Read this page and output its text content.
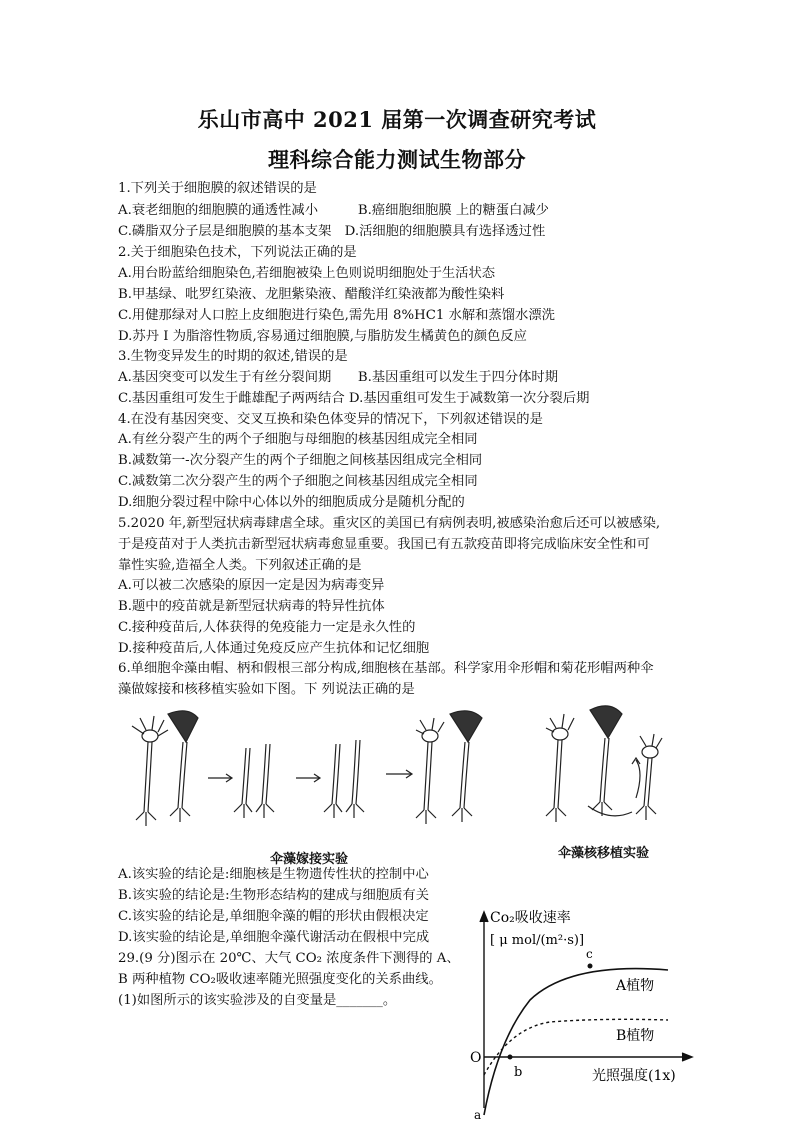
乐山市高中 2021 届第一次调查研究考试
理科综合能力测试生物部分
1.下列关于细胞膜的叙述错误的是
A.衰老细胞的细胞膜的通透性减小　　　B.癌细胞细胞膜 上的糖蛋白减少
C.磷脂双分子层是细胞膜的基本支架　D.活细胞的细胞膜具有选择透过性
2.关于细胞染色技术，下列说法正确的是
A.用台盼蓝给细胞染色,若细胞被染上色则说明细胞处于生活状态
B.甲基绿、吡罗红染液、龙胆紫染液、醋酸洋红染液都为酸性染料
C.用健那绿对人口腔上皮细胞进行染色,需先用 8%HC1 水解和蒸馏水漂洗
D.苏丹 I 为脂溶性物质,容易通过细胞膜,与脂肪发生橘黄色的颜色反应
3.生物变异发生的时期的叙述,错误的是
A.基因突变可以发生于有丝分裂间期　　B.基因重组可以发生于四分体时期
C.基因重组可发生于雌雄配子两两结合 D.基因重组可发生于减数第一次分裂后期
4.在没有基因突变、交叉互换和染色体变异的情况下，下列叙述错误的是
A.有丝分裂产生的两个子细胞与母细胞的核基因组成完全相同
B.减数第一-次分裂产生的两个子细胞之间核基因组成完全相同
C.减数第二次分裂产生的两个子细胞之间核基因组成完全相同
D.细胞分裂过程中除中心体以外的细胞质成分是随机分配的
5.2020 年,新型冠状病毒肆虐全球。重灾区的美国已有病例表明,被感染治愈后还可以被感染,
于是疫苗对于人类抗击新型冠状病毒愈显重要。我国已有五款疫苗即将完成临床安全性和可
靠性实验,造福全人类。下列叙述正确的是
A.可以被二次感染的原因一定是因为病毒变异
B.题中的疫苗就是新型冠状病毒的特异性抗体
C.接种疫苗后,人体获得的免疫能力一定是永久性的
D.接种疫苗后,人体通过免疫反应产生抗体和记忆细胞
6.单细胞伞藻由帽、柄和假根三部分构成,细胞核在基部。科学家用伞形帽和菊花形帽两种伞
藻做嫁接和核移植实验如下图。下 列说法正确的是
伞藻嫁接实验	伞藻核移植实验
A.该实验的结论是:细胞核是生物遗传性状的控制中心
B.该实验的结论是:生物形态结构的建成与细胞质有关
C.该实验的结论是,单细胞伞藻的帽的形状由假根决定
D.该实验的结论是,单细胞伞藻代谢活动在假根中完成
29.(9 分)图示在 20℃、大气 CO₂ 浓度条件下测得的 A、
B 两种植物 CO₂吸收速率随光照强度变化的关系曲线。
(1)如图所示的该实验涉及的自变量是_______。
Co₂吸收速率
[ μ mol/(m²·s)]
c
A植物
B植物
O
b	光照强度(1x)
a
